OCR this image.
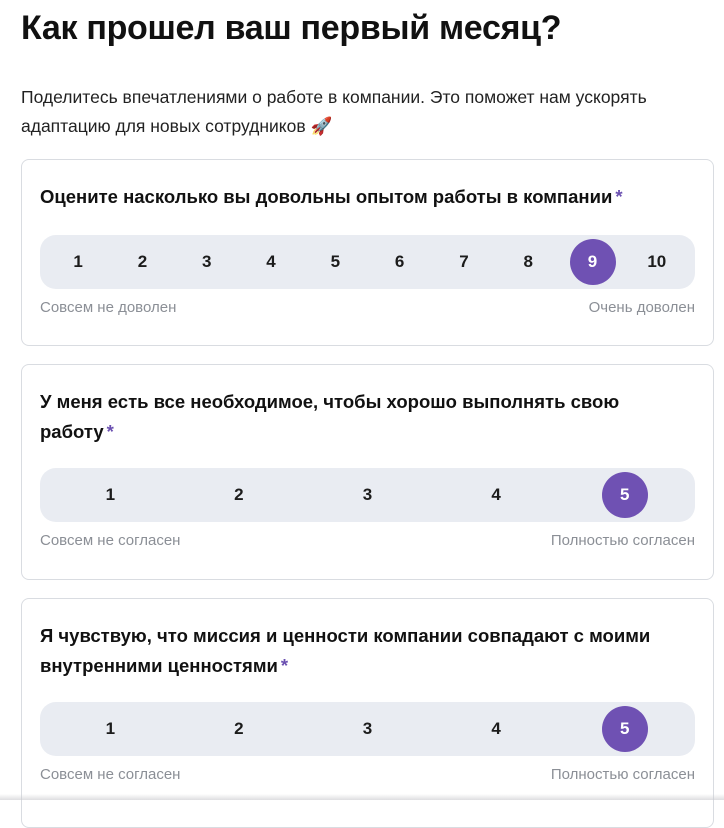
Как прошел ваш первый месяц?

Поделитесь впечатлениями о работе в компании. Это поможет нам ускорять адаптацию для новых сотрудников 🚀

Оцените насколько вы довольны опытом работы в компании *

1	2	3	4	5	6	7	8	9	10
Совсем не доволен	Очень доволен

У меня есть все необходимое, чтобы хорошо выполнять свою работу *

1	2	3	4	5
Совсем не согласен	Полностью согласен

Я чувствую, что миссия и ценности компании совпадают с моими внутренними ценностями *

1	2	3	4	5
Совсем не согласен	Полностью согласен
